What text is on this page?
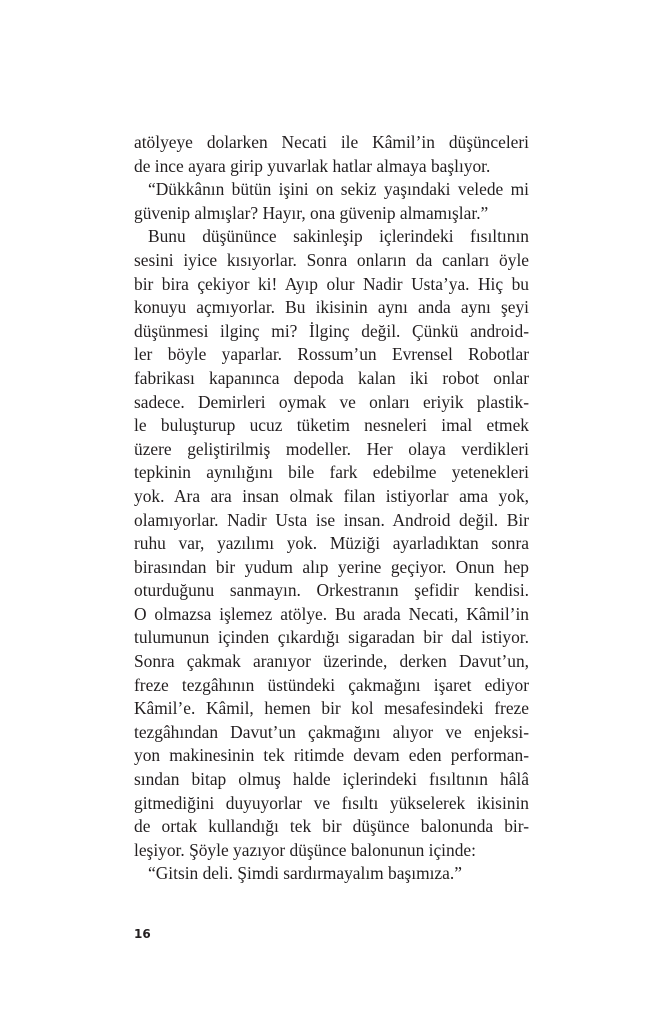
atölyeye dolarken Necati ile Kâmil’in düşünceleri
de ince ayara girip yuvarlak hatlar almaya başlıyor.
“Dükkânın bütün işini on sekiz yaşındaki velede mi
güvenip almışlar? Hayır, ona güvenip almamışlar.”
Bunu düşününce sakinleşip içlerindeki fısıltının
sesini iyice kısıyorlar. Sonra onların da canları öyle
bir bira çekiyor ki! Ayıp olur Nadir Usta’ya. Hiç bu
konuyu açmıyorlar. Bu ikisinin aynı anda aynı şeyi
düşünmesi ilginç mi? İlginç değil. Çünkü android-
ler böyle yaparlar. Rossum’un Evrensel Robotlar
fabrikası kapanınca depoda kalan iki robot onlar
sadece. Demirleri oymak ve onları eriyik plastik-
le buluşturup ucuz tüketim nesneleri imal etmek
üzere geliştirilmiş modeller. Her olaya verdikleri
tepkinin aynılığını bile fark edebilme yetenekleri
yok. Ara ara insan olmak filan istiyorlar ama yok,
olamıyorlar. Nadir Usta ise insan. Android değil. Bir
ruhu var, yazılımı yok. Müziği ayarladıktan sonra
birasından bir yudum alıp yerine geçiyor. Onun hep
oturduğunu sanmayın. Orkestranın şefidir kendisi.
O olmazsa işlemez atölye. Bu arada Necati, Kâmil’in
tulumunun içinden çıkardığı sigaradan bir dal istiyor.
Sonra çakmak aranıyor üzerinde, derken Davut’un,
freze tezgâhının üstündeki çakmağını işaret ediyor
Kâmil’e. Kâmil, hemen bir kol mesafesindeki freze
tezgâhından Davut’un çakmağını alıyor ve enjeksi-
yon makinesinin tek ritimde devam eden performan-
sından bitap olmuş halde içlerindeki fısıltının hâlâ
gitmediğini duyuyorlar ve fısıltı yükselerek ikisinin
de ortak kullandığı tek bir düşünce balonunda bir-
leşiyor. Şöyle yazıyor düşünce balonunun içinde:
“Gitsin deli. Şimdi sardırmayalım başımıza.”
16
